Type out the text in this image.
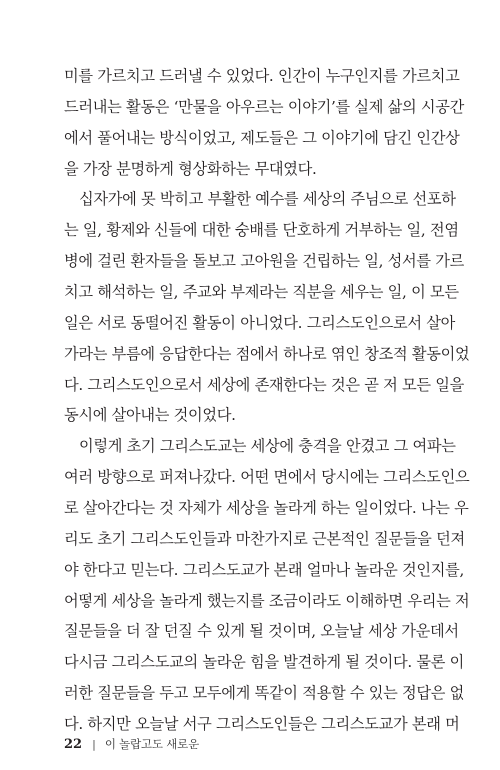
미를 가르치고 드러낼 수 있었다. 인간이 누구인지를 가르치고
드러내는 활동은 ‘만물을 아우르는 이야기’를 실제 삶의 시공간
에서 풀어내는 방식이었고, 제도들은 그 이야기에 담긴 인간상
을 가장 분명하게 형상화하는 무대였다.
십자가에 못 박히고 부활한 예수를 세상의 주님으로 선포하
는 일, 황제와 신들에 대한 숭배를 단호하게 거부하는 일, 전염
병에 걸린 환자들을 돌보고 고아원을 건립하는 일, 성서를 가르
치고 해석하는 일, 주교와 부제라는 직분을 세우는 일, 이 모든
일은 서로 동떨어진 활동이 아니었다. 그리스도인으로서 살아
가라는 부름에 응답한다는 점에서 하나로 엮인 창조적 활동이었
다. 그리스도인으로서 세상에 존재한다는 것은 곧 저 모든 일을
동시에 살아내는 것이었다.
이렇게 초기 그리스도교는 세상에 충격을 안겼고 그 여파는
여러 방향으로 퍼져나갔다. 어떤 면에서 당시에는 그리스도인으
로 살아간다는 것 자체가 세상을 놀라게 하는 일이었다. 나는 우
리도 초기 그리스도인들과 마찬가지로 근본적인 질문들을 던져
야 한다고 믿는다. 그리스도교가 본래 얼마나 놀라운 것인지를,
어떻게 세상을 놀라게 했는지를 조금이라도 이해하면 우리는 저
질문들을 더 잘 던질 수 있게 될 것이며, 오늘날 세상 가운데서
다시금 그리스도교의 놀라운 힘을 발견하게 될 것이다. 물론 이
러한 질문들을 두고 모두에게 똑같이 적용할 수 있는 정답은 없
다. 하지만 오늘날 서구 그리스도인들은 그리스도교가 본래 머
22 | 이 놀랍고도 새로운
